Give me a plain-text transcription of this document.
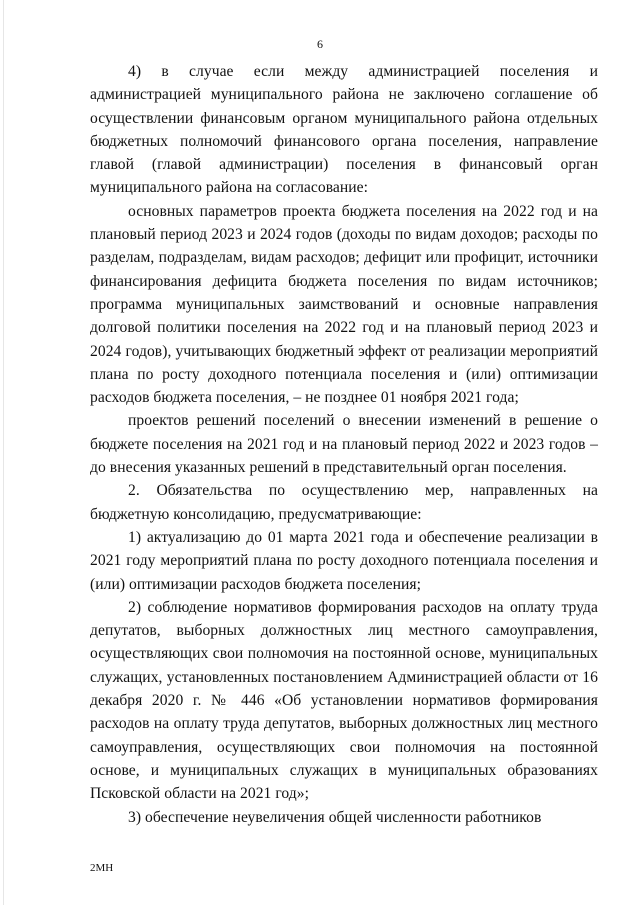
6

4) в случае если между администрацией поселения и администрацией муниципального района не заключено соглашение об осуществлении финансовым органом муниципального района отдельных бюджетных полномочий финансового органа поселения, направление главой (главой администрации) поселения в финансовый орган муниципального района на согласование:

основных параметров проекта бюджета поселения на 2022 год и на плановый период 2023 и 2024 годов (доходы по видам доходов; расходы по разделам, подразделам, видам расходов; дефицит или профицит, источники финансирования дефицита бюджета поселения по видам источников; программа муниципальных заимствований и основные направления долговой политики поселения на 2022 год и на плановый период 2023 и 2024 годов), учитывающих бюджетный эффект от реализации мероприятий плана по росту доходного потенциала поселения и (или) оптимизации расходов бюджета поселения, – не позднее 01 ноября 2021 года;

проектов решений поселений о внесении изменений в решение о бюджете поселения на 2021 год и на плановый период 2022 и 2023 годов – до внесения указанных решений в представительный орган поселения.

2. Обязательства по осуществлению мер, направленных на бюджетную консолидацию, предусматривающие:

1) актуализацию до 01 марта 2021 года и обеспечение реализации в 2021 году мероприятий плана по росту доходного потенциала поселения и (или) оптимизации расходов бюджета поселения;

2) соблюдение нормативов формирования расходов на оплату труда депутатов, выборных должностных лиц местного самоуправления, осуществляющих свои полномочия на постоянной основе, муниципальных служащих, установленных постановлением Администрацией области от 16 декабря 2020 г. № 446 «Об установлении нормативов формирования расходов на оплату труда депутатов, выборных должностных лиц местного самоуправления, осуществляющих свои полномочия на постоянной основе, и муниципальных служащих в муниципальных образованиях Псковской области на 2021 год»;

3) обеспечение неувеличения общей численности работников

2МН
